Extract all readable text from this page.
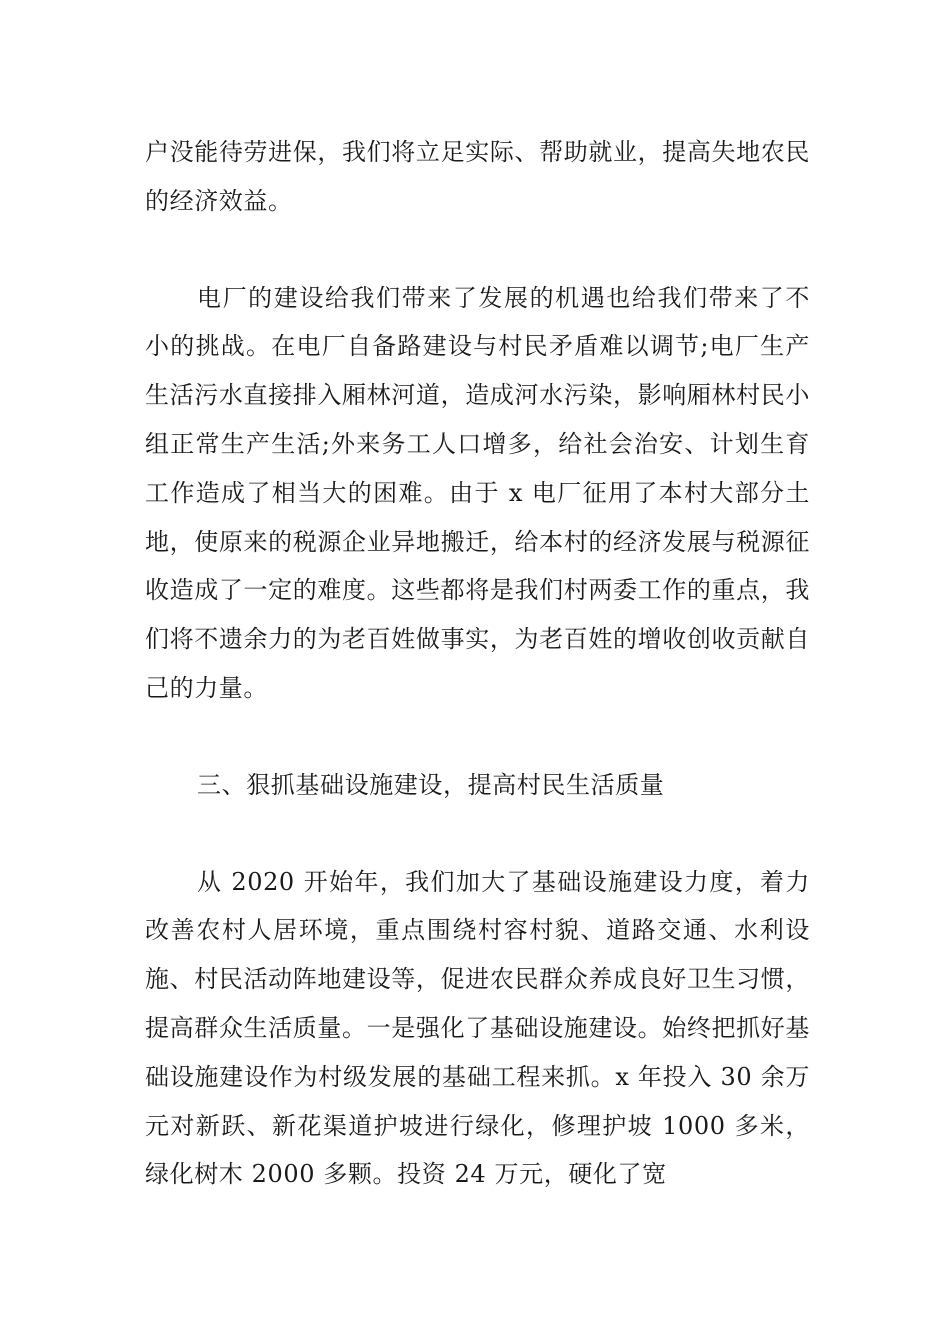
户没能待劳进保，我们将立足实际、帮助就业，提高失地农民的经济效益。

电厂的建设给我们带来了发展的机遇也给我们带来了不小的挑战。在电厂自备路建设与村民矛盾难以调节;电厂生产生活污水直接排入厢林河道，造成河水污染，影响厢林村民小组正常生产生活;外来务工人口增多，给社会治安、计划生育工作造成了相当大的困难。由于 x 电厂征用了本村大部分土地，使原来的税源企业异地搬迁，给本村的经济发展与税源征收造成了一定的难度。这些都将是我们村两委工作的重点，我们将不遗余力的为老百姓做事实，为老百姓的增收创收贡献自己的力量。

三、狠抓基础设施建设，提高村民生活质量

从 2020 开始年，我们加大了基础设施建设力度，着力改善农村人居环境，重点围绕村容村貌、道路交通、水利设施、村民活动阵地建设等，促进农民群众养成良好卫生习惯，提高群众生活质量。一是强化了基础设施建设。始终把抓好基础设施建设作为村级发展的基础工程来抓。x 年投入 30 余万元对新跃、新花渠道护坡进行绿化，修理护坡 1000 多米，绿化树木 2000 多颗。投资 24 万元，硬化了宽
